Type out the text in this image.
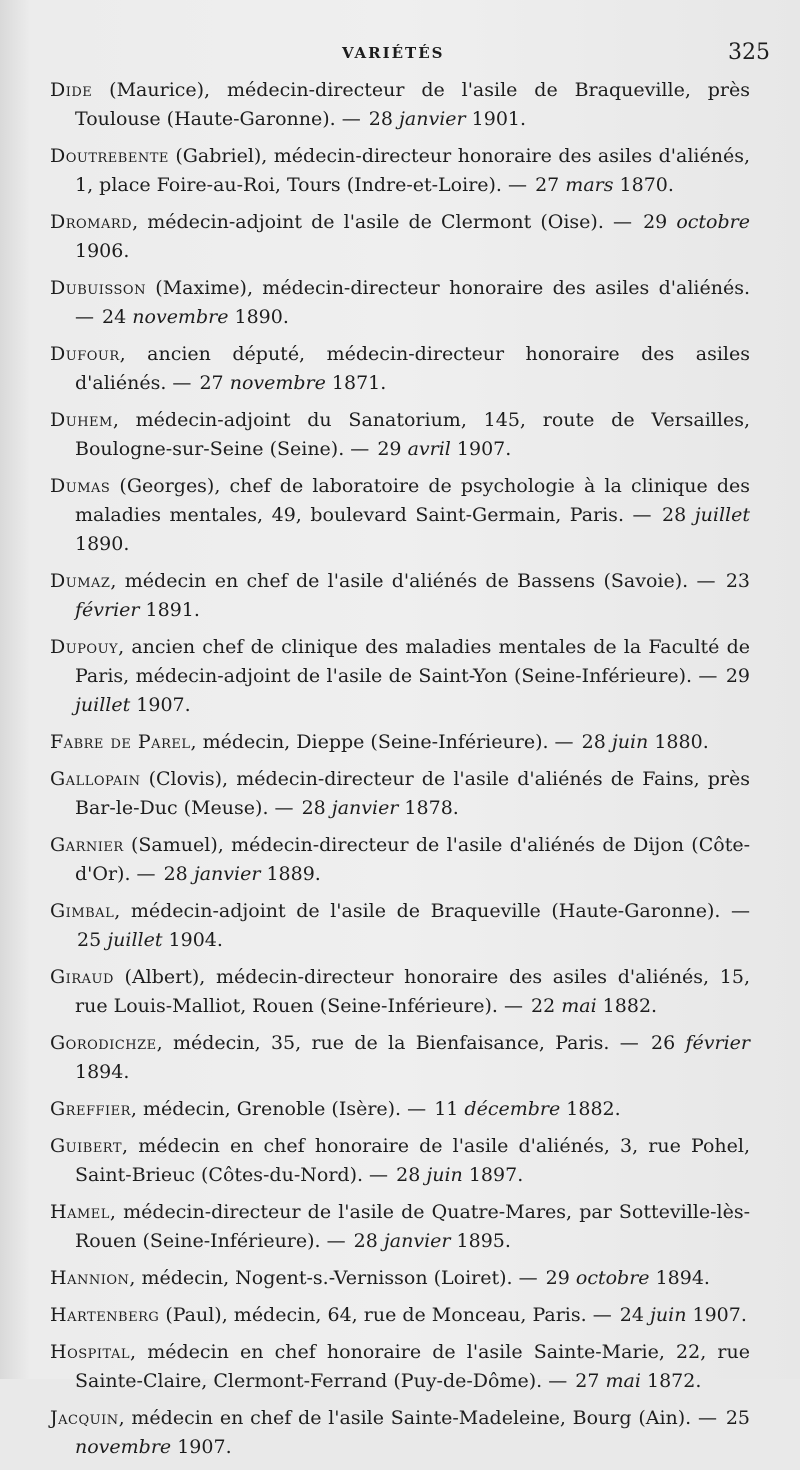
VARIÉTÉS	325

Dide (Maurice), médecin-directeur de l'asile de Braqueville, près Toulouse (Haute-Garonne). — 28 janvier 1901.

Doutrebente (Gabriel), médecin-directeur honoraire des asiles d'aliénés, 1, place Foire-au-Roi, Tours (Indre-et-Loire). — 27 mars 1870.

Dromard, médecin-adjoint de l'asile de Clermont (Oise). — 29 octobre 1906.

Dubuisson (Maxime), médecin-directeur honoraire des asiles d'aliénés. — 24 novembre 1890.

Dufour, ancien député, médecin-directeur honoraire des asiles d'aliénés. — 27 novembre 1871.

Duhem, médecin-adjoint du Sanatorium, 145, route de Versailles, Boulogne-sur-Seine (Seine). — 29 avril 1907.

Dumas (Georges), chef de laboratoire de psychologie à la clinique des maladies mentales, 49, boulevard Saint-Germain, Paris. — 28 juillet 1890.

Dumaz, médecin en chef de l'asile d'aliénés de Bassens (Savoie). — 23 février 1891.

Dupouy, ancien chef de clinique des maladies mentales de la Faculté de Paris, médecin-adjoint de l'asile de Saint-Yon (Seine-Inférieure). — 29 juillet 1907.

Fabre de Parel, médecin, Dieppe (Seine-Inférieure). — 28 juin 1880.

Gallopain (Clovis), médecin-directeur de l'asile d'aliénés de Fains, près Bar-le-Duc (Meuse). — 28 janvier 1878.

Garnier (Samuel), médecin-directeur de l'asile d'aliénés de Dijon (Côte-d'Or). — 28 janvier 1889.

Gimbal, médecin-adjoint de l'asile de Braqueville (Haute-Garonne). — 25 juillet 1904.

Giraud (Albert), médecin-directeur honoraire des asiles d'aliénés, 15, rue Louis-Malliot, Rouen (Seine-Inférieure). — 22 mai 1882.

Gorodichze, médecin, 35, rue de la Bienfaisance, Paris. — 26 février 1894.

Greffier, médecin, Grenoble (Isère). — 11 décembre 1882.

Guibert, médecin en chef honoraire de l'asile d'aliénés, 3, rue Pohel, Saint-Brieuc (Côtes-du-Nord). — 28 juin 1897.

Hamel, médecin-directeur de l'asile de Quatre-Mares, par Sotteville-lès-Rouen (Seine-Inférieure). — 28 janvier 1895.

Hannion, médecin, Nogent-s.-Vernisson (Loiret). — 29 octobre 1894.

Hartenberg (Paul), médecin, 64, rue de Monceau, Paris. — 24 juin 1907.

Hospital, médecin en chef honoraire de l'asile Sainte-Marie, 22, rue Sainte-Claire, Clermont-Ferrand (Puy-de-Dôme). — 27 mai 1872.

Jacquin, médecin en chef de l'asile Sainte-Madeleine, Bourg (Ain). — 25 novembre 1907.
